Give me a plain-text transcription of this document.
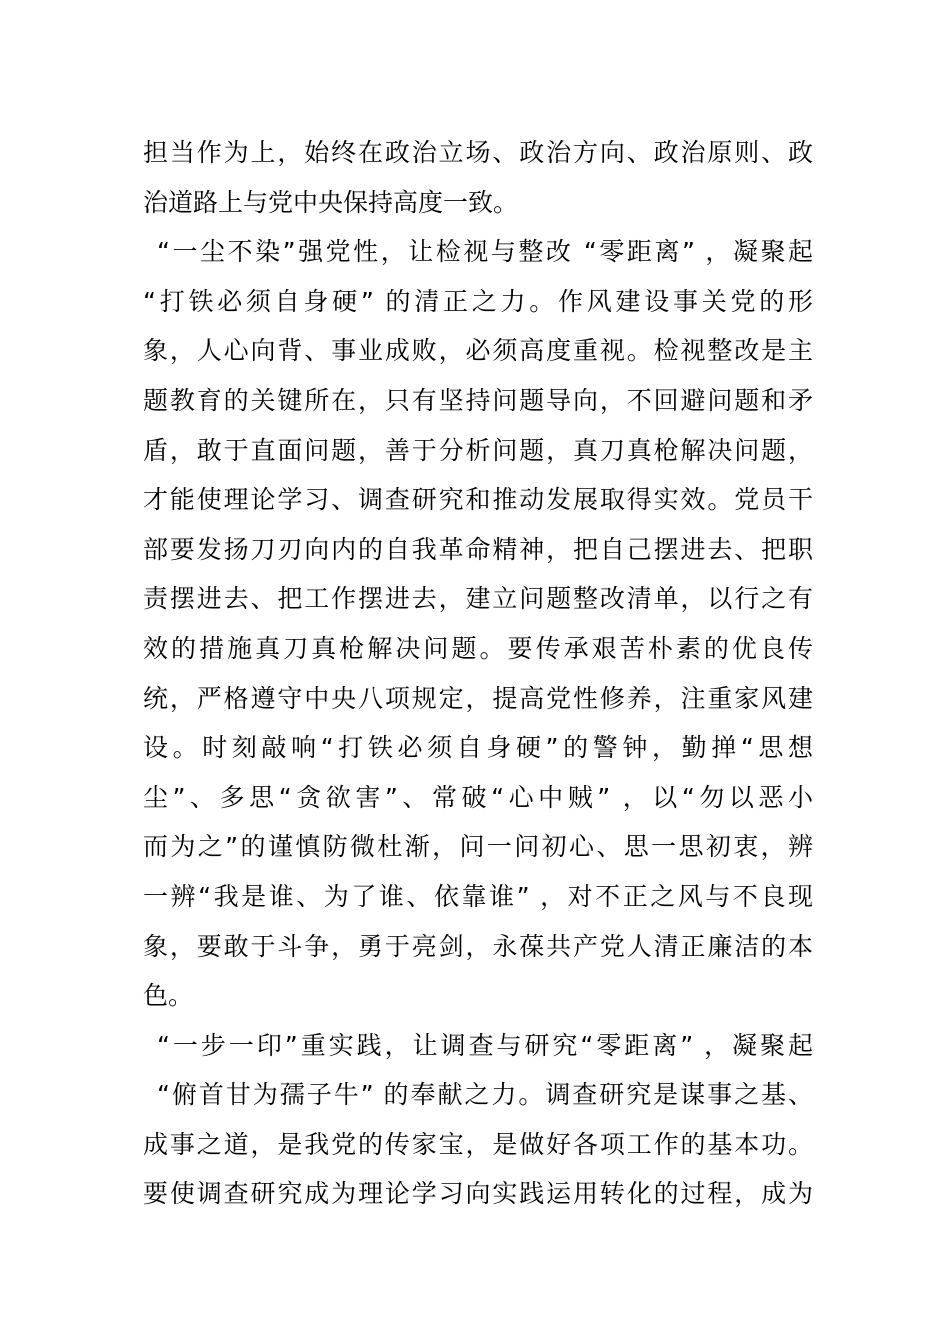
担当作为上，始终在政治立场、政治方向、政治原则、政
治道路上与党中央保持高度一致。
“一尘不染”强党性，让检视与整改 “零距离” ，凝聚起
“打铁必须自身硬” 的清正之力。作风建设事关党的形
象，人心向背、事业成败，必须高度重视。检视整改是主
题教育的关键所在，只有坚持问题导向，不回避问题和矛
盾，敢于直面问题，善于分析问题，真刀真枪解决问题，
才能使理论学习、调查研究和推动发展取得实效。党员干
部要发扬刀刃向内的自我革命精神，把自己摆进去、把职
责摆进去、把工作摆进去，建立问题整改清单，以行之有
效的措施真刀真枪解决问题。要传承艰苦朴素的优良传
统，严格遵守中央八项规定，提高党性修养，注重家风建
设。时刻敲响“打铁必须自身硬”的警钟，勤掸“思想
尘”、多思“贪欲害”、常破“心中贼” ，以“勿以恶小
而为之”的谨慎防微杜渐，问一问初心、思一思初衷，辨
一辨“我是谁、为了谁、依靠谁” ，对不正之风与不良现
象，要敢于斗争，勇于亮剑，永葆共产党人清正廉洁的本
色。
“一步一印”重实践，让调查与研究“零距离” ，凝聚起
“俯首甘为孺子牛” 的奉献之力。调查研究是谋事之基、
成事之道，是我党的传家宝，是做好各项工作的基本功。
要使调查研究成为理论学习向实践运用转化的过程，成为
